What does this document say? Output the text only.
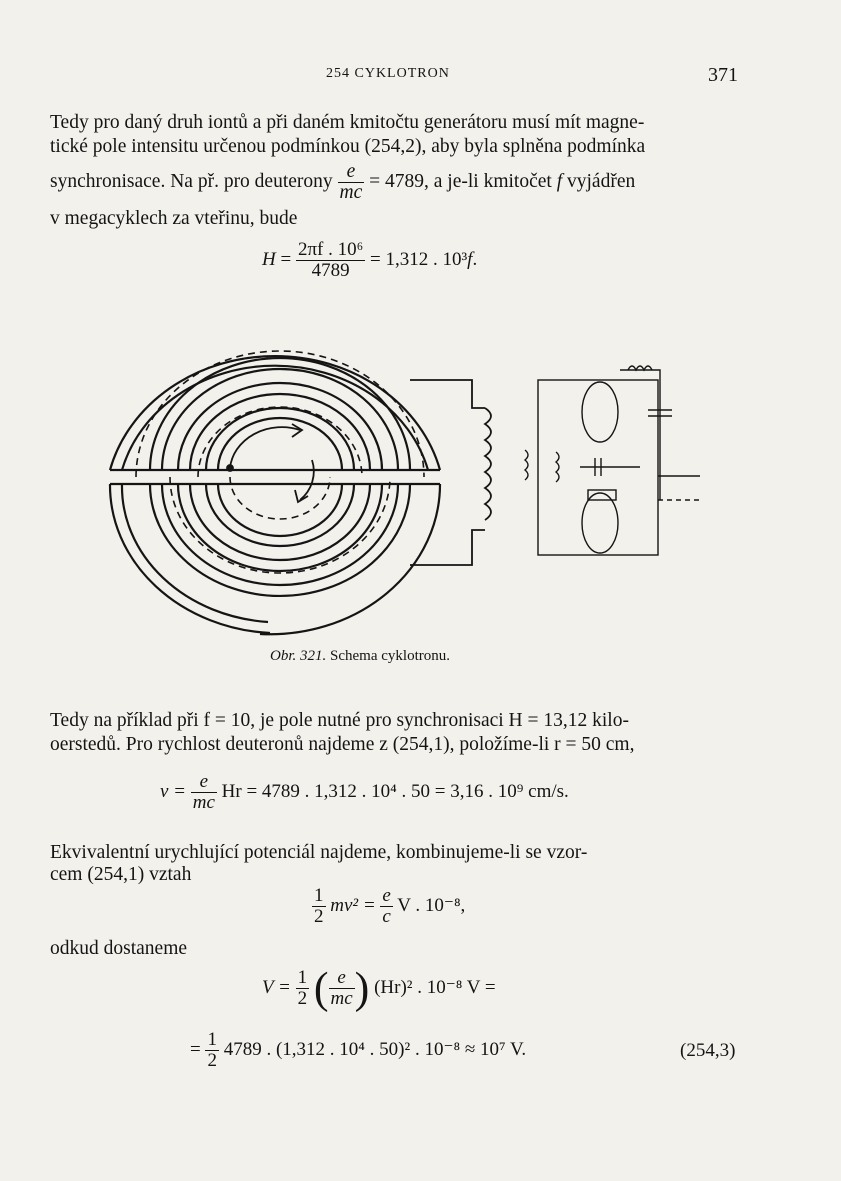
254 CYKLOTRON	371

Tedy pro daný druh iontů a při daném kmitočtu generátoru musí mít magne-

tické pole intensitu určenou podmínkou (254,2), aby byla splněna podmínka

synchronisace. Na př. pro deuterony $\frac{e}{mc} = 4789$, a je-li kmitočet f vyjádřen

v megacyklech za vteřinu, bude

$H = \frac{\text{2πf . 10⁶}}{4789} = 1,312$ . 10³f.
Obr. 321. Schema cyklotronu.

Tedy na příklad při f = 10, je pole nutné pro synchronisaci H = 13,12 kilo-

oerstedů. Pro rychlost deuteronů najdeme z (254,1), položíme-li r = 50 cm,

$v = \frac{e}{mc}$ Hr = 4789 . 1,312 . 10⁴ . 50 = 3,16 . 10⁹ cm/s.

Ekvivalentní urychlující potenciál najdeme, kombinujeme-li se vzor-

cem (254,1) vztah

$\frac{1}{2} mv^2 = \frac{e}{c}$ V . 10⁻⁸,

odkud dostaneme

$V = \frac{1}{2}$ ( $\frac{e}{mc}$ ) (Hr)² . 10⁻⁸ V =
= $\frac{1}{2} 4789$ . (1,312 . 10⁴ . 50)² . 10⁻⁸ ≈ 10⁷ V.	(254,3)
